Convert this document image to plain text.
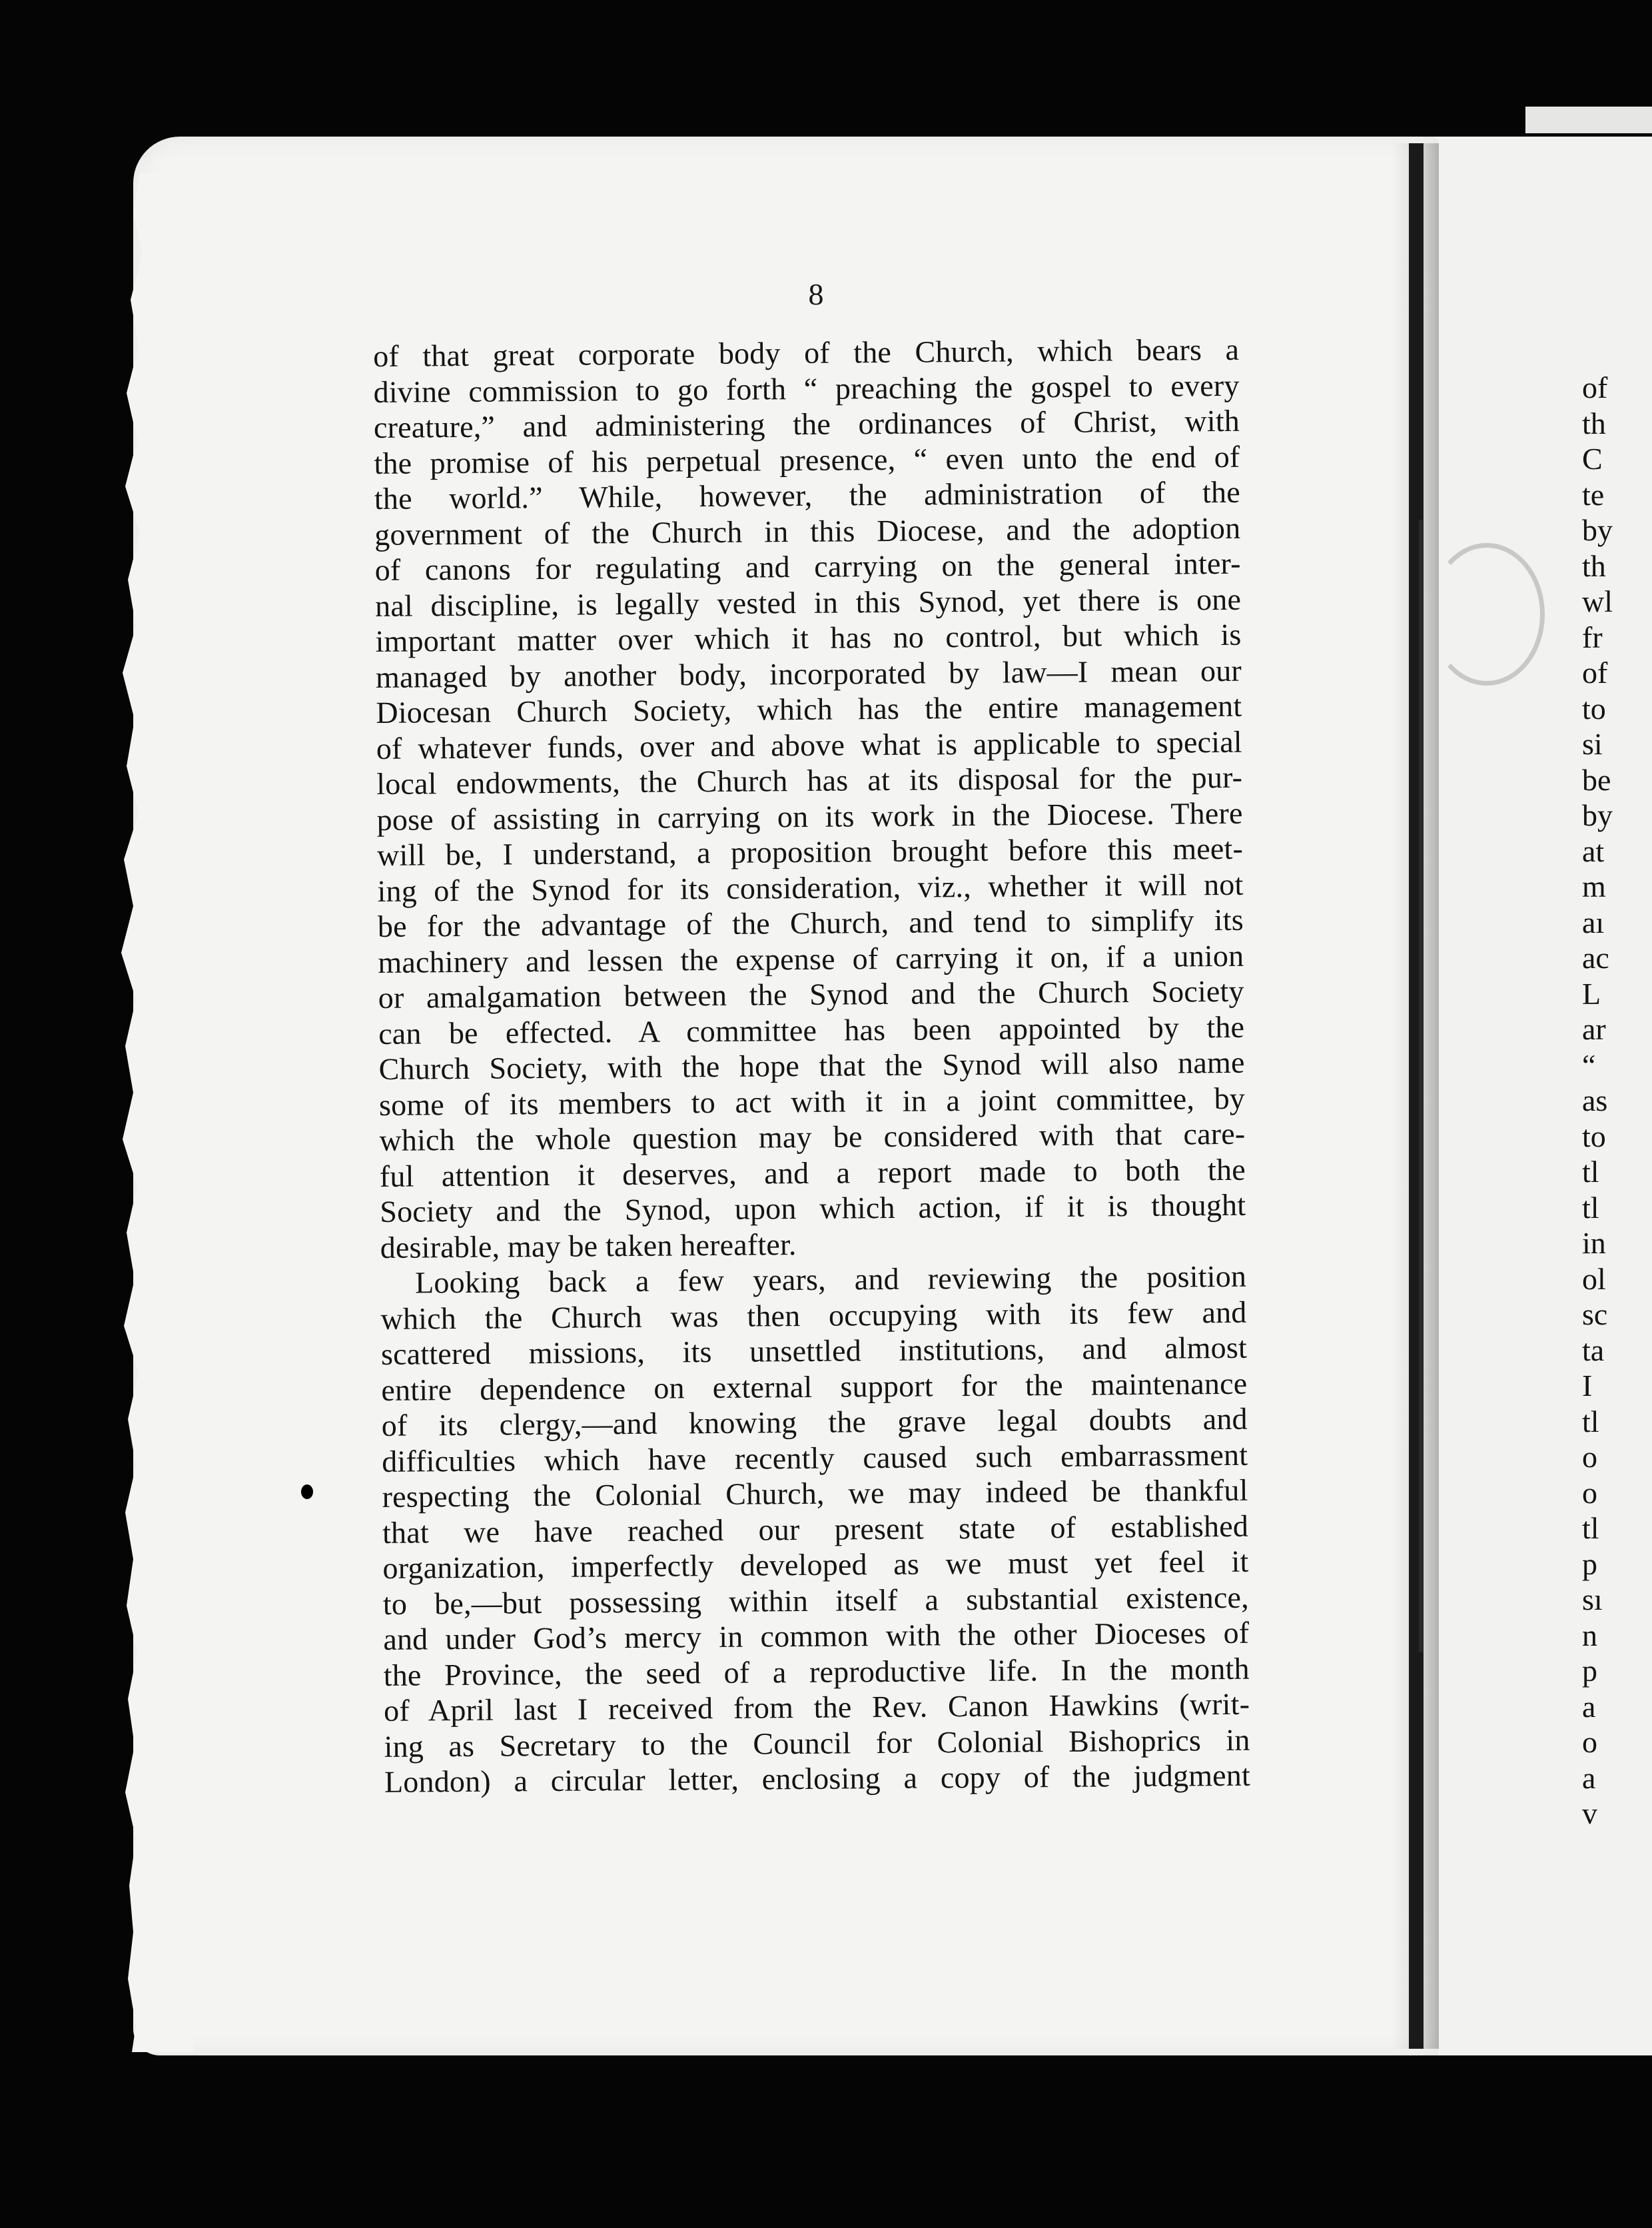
8
of that great corporate body of the Church, which bears a
divine commission to go forth “ preaching the gospel to every
creature,” and administering the ordinances of Christ, with
the promise of his perpetual presence, “ even unto the end of
the world.” While, however, the administration of the
government of the Church in this Diocese, and the adoption
of canons for regulating and carrying on the general inter-
nal discipline, is legally vested in this Synod, yet there is one
important matter over which it has no control, but which is
managed by another body, incorporated by law—I mean our
Diocesan Church Society, which has the entire management
of whatever funds, over and above what is applicable to special
local endowments, the Church has at its disposal for the pur-
pose of assisting in carrying on its work in the Diocese. There
will be, I understand, a proposition brought before this meet-
ing of the Synod for its consideration, viz., whether it will not
be for the advantage of the Church, and tend to simplify its
machinery and lessen the expense of carrying it on, if a union
or amalgamation between the Synod and the Church Society
can be effected. A committee has been appointed by the
Church Society, with the hope that the Synod will also name
some of its members to act with it in a joint committee, by
which the whole question may be considered with that care-
ful attention it deserves, and a report made to both the
Society and the Synod, upon which action, if it is thought
desirable, may be taken hereafter.
Looking back a few years, and reviewing the position
which the Church was then occupying with its few and
scattered missions, its unsettled institutions, and almost
entire dependence on external support for the maintenance
of its clergy,—and knowing the grave legal doubts and
difficulties which have recently caused such embarrassment
respecting the Colonial Church, we may indeed be thankful
that we have reached our present state of established
organization, imperfectly developed as we must yet feel it
to be,—but possessing within itself a substantial existence,
and under God’s mercy in common with the other Dioceses of
the Province, the seed of a reproductive life. In the month
of April last I received from the Rev. Canon Hawkins (writ-
ing as Secretary to the Council for Colonial Bishoprics in
London) a circular letter, enclosing a copy of the judgment
of
th
C
te
by
th
wl
fr
of
to
si
be
by
at
m
aı
ac
L
ar
“
as
to
tl
tl
in
ol
sc
ta
I
tl
o
o
tl
p
sı
n
p
a
o
a
v
